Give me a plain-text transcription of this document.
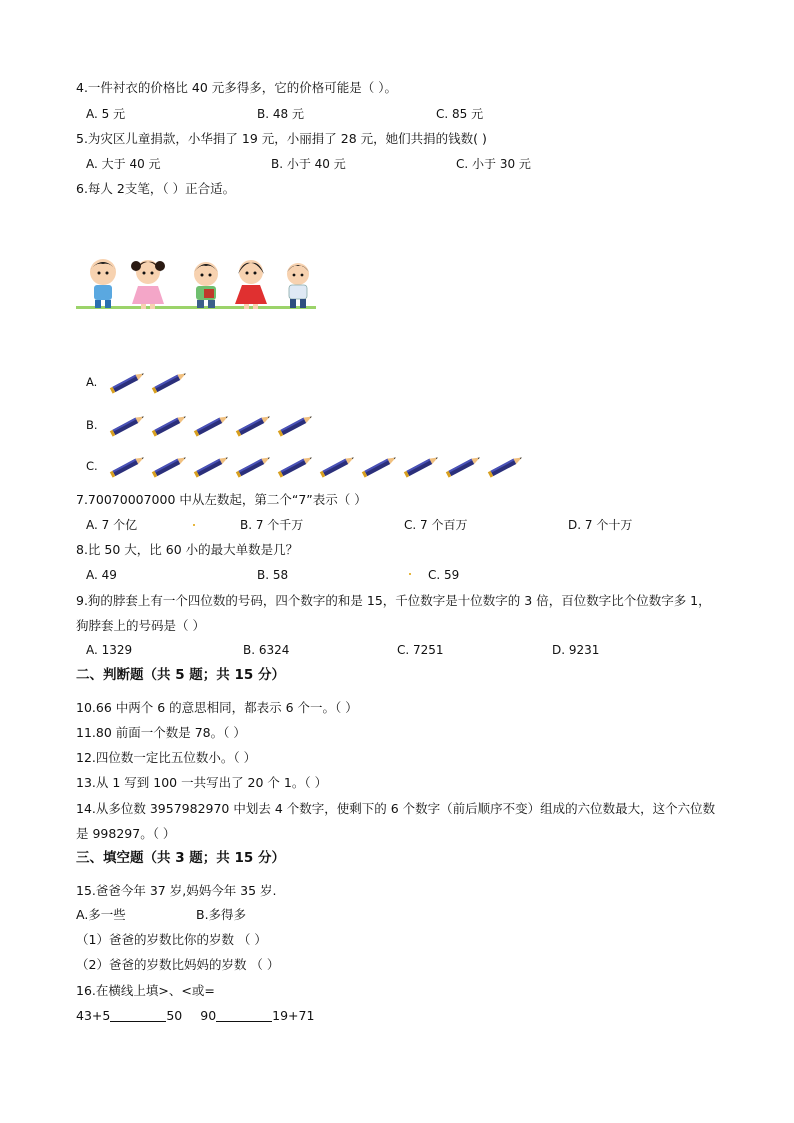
4.一件衬衣的价格比 40 元多得多，它的价格可能是（ ）。
A. 5 元	B. 48 元	C. 85 元
5.为灾区儿童捐款，小华捐了 19 元，小丽捐了 28 元，她们共捐的钱数( )
A. 大于 40 元	B. 小于 40 元	C. 小于 30 元
6.每人 2支笔，（ ）正合适。
A.
B.
C.
7.70070007000 中从左数起，第二个“7”表示（ ）
A. 7 个亿	B. 7 个千万	C. 7 个百万	D. 7 个十万
8.比 50 大，比 60 小的最大单数是几？
A. 49	B. 58	C. 59
9.狗的脖套上有一个四位数的号码，四个数字的和是 15，千位数字是十位数字的 3 倍，百位数字比个位数字多 1，狗脖套上的号码是（ ）
A. 1329	B. 6324	C. 7251	D. 9231
二、判断题（共 5 题；共 15 分）
10.66 中两个 6 的意思相同，都表示 6 个一。（ ）
11.80 前面一个数是 78。（ ）
12.四位数一定比五位数小。（ ）
13.从 1 写到 100 一共写出了 20 个 1。（ ）
14.从多位数 3957982970 中划去 4 个数字，使剩下的 6 个数字（前后顺序不变）组成的六位数最大，这个六位数是 998297。（ ）
三、填空题（共 3 题；共 15 分）
15.爸爸今年 37 岁,妈妈今年 35 岁.
A.多一些	B.多得多
（1）爸爸的岁数比你的岁数 （ ）
（2）爸爸的岁数比妈妈的岁数 （ ）
16.在横线上填>、<或=
43+5	50 90	19+71
